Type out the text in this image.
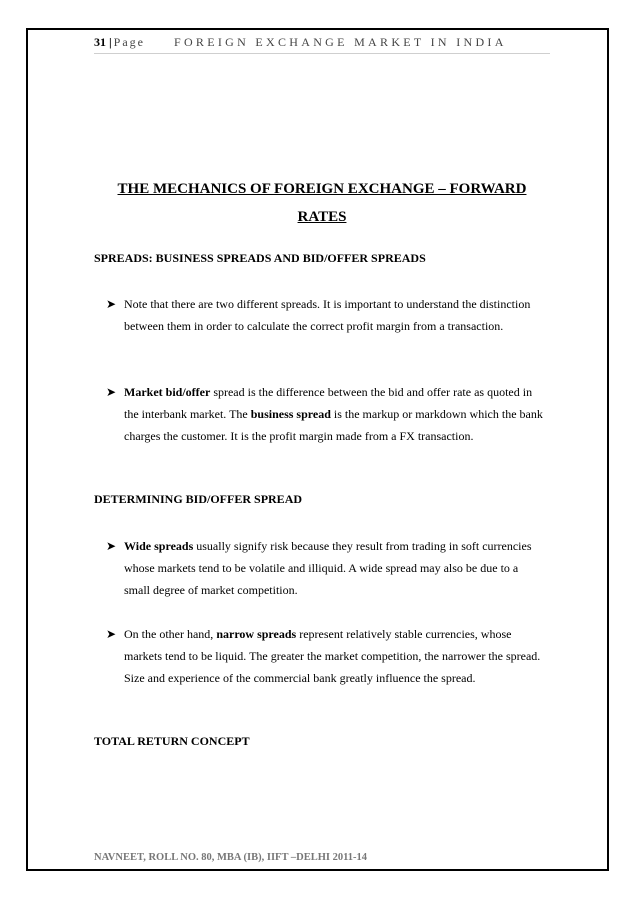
31 | Page FOREIGN EXCHANGE MARKET IN INDIA
THE MECHANICS OF FOREIGN EXCHANGE – FORWARD
RATES
SPREADS: BUSINESS SPREADS AND BID/OFFER SPREADS
➤ Note that there are two different spreads. It is important to understand the distinction between them in order to calculate the correct profit margin from a transaction.
➤ Market bid/offer spread is the difference between the bid and offer rate as quoted in the interbank market. The business spread is the markup or markdown which the bank charges the customer. It is the profit margin made from a FX transaction.
DETERMINING BID/OFFER SPREAD
➤ Wide spreads usually signify risk because they result from trading in soft currencies whose markets tend to be volatile and illiquid. A wide spread may also be due to a small degree of market competition.
➤ On the other hand, narrow spreads represent relatively stable currencies, whose markets tend to be liquid. The greater the market competition, the narrower the spread. Size and experience of the commercial bank greatly influence the spread.
TOTAL RETURN CONCEPT
NAVNEET, ROLL NO. 80, MBA (IB), IIFT –DELHI 2011-14
